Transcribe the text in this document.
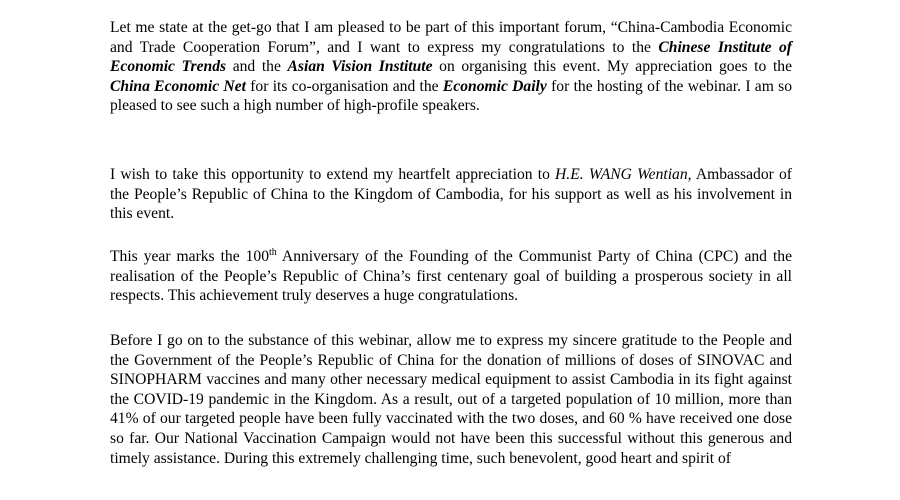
Let me state at the get-go that I am pleased to be part of this important forum, “China-Cambodia Economic and Trade Cooperation Forum”, and I want to express my congratulations to the Chinese Institute of Economic Trends and the Asian Vision Institute on organising this event. My appreciation goes to the China Economic Net for its co-organisation and the Economic Daily for the hosting of the webinar. I am so pleased to see such a high number of high-profile speakers.

I wish to take this opportunity to extend my heartfelt appreciation to H.E. WANG Wentian, Ambassador of the People’s Republic of China to the Kingdom of Cambodia, for his support as well as his involvement in this event.

This year marks the 100th Anniversary of the Founding of the Communist Party of China (CPC) and the realisation of the People’s Republic of China’s first centenary goal of building a prosperous society in all respects. This achievement truly deserves a huge congratulations.

Before I go on to the substance of this webinar, allow me to express my sincere gratitude to the People and the Government of the People’s Republic of China for the donation of millions of doses of SINOVAC and SINOPHARM vaccines and many other necessary medical equipment to assist Cambodia in its fight against the COVID-19 pandemic in the Kingdom. As a result, out of a targeted population of 10 million, more than 41% of our targeted people have been fully vaccinated with the two doses, and 60 % have received one dose so far. Our National Vaccination Campaign would not have been this successful without this generous and timely assistance. During this extremely challenging time, such benevolent, good heart and spirit of
